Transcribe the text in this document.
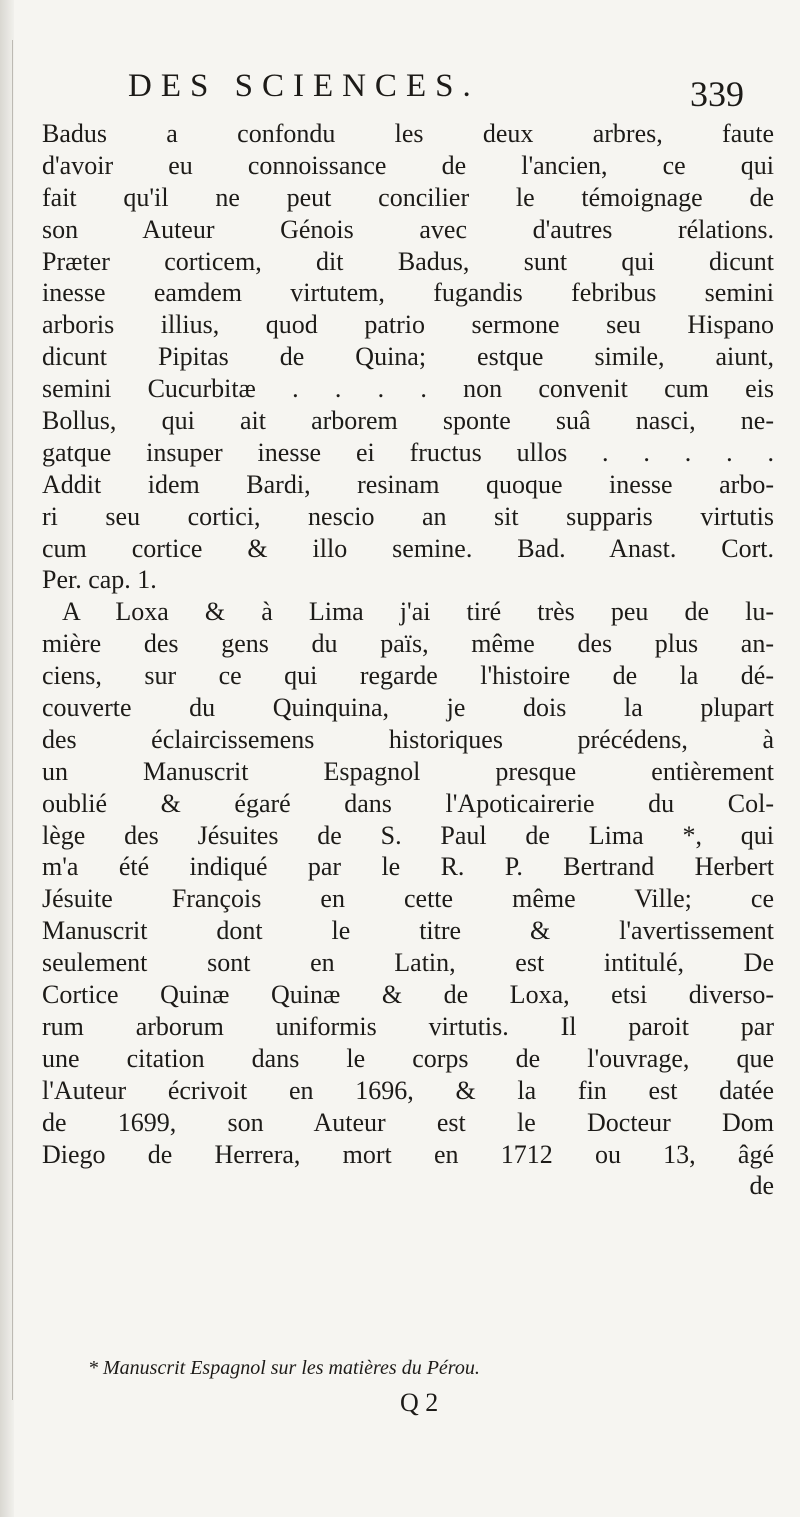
DES SCIENCES.	339
Badus a confondu les deux arbres, faute
d'avoir eu connoissance de l'ancien, ce qui
fait qu'il ne peut concilier le témoignage de
son Auteur Génois avec d'autres rélations.
Præter corticem, dit Badus, sunt qui dicunt
inesse eamdem virtutem, fugandis febribus semini
arboris illius, quod patrio sermone seu Hispano
dicunt Pipitas de Quina; estque simile, aiunt,
semini Cucurbitæ . . . . non convenit cum eis
Bollus, qui ait arborem sponte suâ nasci, ne-
gatque insuper inesse ei fructus ullos . . . . .
Addit idem Bardi, resinam quoque inesse arbo-
ri seu cortici, nescio an sit supparis virtutis
cum cortice & illo semine. Bad. Anast. Cort.
Per. cap. 1.
A Loxa & à Lima j'ai tiré très peu de lu-
mière des gens du païs, même des plus an-
ciens, sur ce qui regarde l'histoire de la dé-
couverte du Quinquina, je dois la plupart
des éclaircissemens historiques précédens, à
un Manuscrit Espagnol presque entièrement
oublié & égaré dans l'Apoticairerie du Col-
lège des Jésuites de S. Paul de Lima *, qui
m'a été indiqué par le R. P. Bertrand Herbert
Jésuite François en cette même Ville; ce
Manuscrit dont le titre & l'avertissement
seulement sont en Latin, est intitulé, De
Cortice Quinæ Quinæ & de Loxa, etsi diverso-
rum arborum uniformis virtutis. Il paroit par
une citation dans le corps de l'ouvrage, que
l'Auteur écrivoit en 1696, & la fin est datée
de 1699, son Auteur est le Docteur Dom
Diego de Herrera, mort en 1712 ou 13, âgé
de
* Manuscrit Espagnol sur les matières du Pérou.
Q 2
